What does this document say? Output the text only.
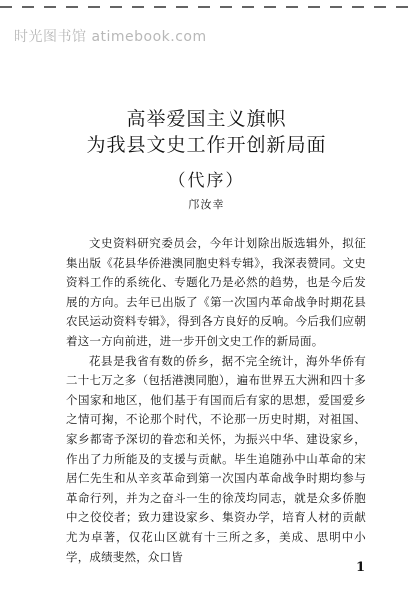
时光图书馆 atimebook.com
高举爱国主义旗帜
为我县文史工作开创新局面
（代序）
邝汝幸

文史资料研究委员会，今年计划除出版选辑外，拟征集出版《花县华侨港澳同胞史料专辑》，我深表赞同。文史资料工作的系统化、专题化乃是必然的趋势，也是今后发展的方向。去年已出版了《第一次国内革命战争时期花县农民运动资料专辑》，得到各方良好的反响。今后我们应朝着这一方向前进，进一步开创文史工作的新局面。

花县是我省有数的侨乡，据不完全统计，海外华侨有二十七万之多（包括港澳同胞），遍布世界五大洲和四十多个国家和地区，他们基于有国而后有家的思想，爱国爱乡之情可掬，不论那个时代，不论那一历史时期，对祖国、家乡都寄予深切的眷恋和关怀，为振兴中华、建设家乡，作出了力所能及的支援与贡献。毕生追随孙中山革命的宋居仁先生和从辛亥革命到第一次国内革命战争时期均参与革命行列，并为之奋斗一生的徐茂均同志，就是众多侨胞中之佼佼者；致力建设家乡、集资办学，培育人材的贡献尤为卓著，仅花山区就有十三所之多，美成、思明中小学，成绩斐然，众口皆

1
